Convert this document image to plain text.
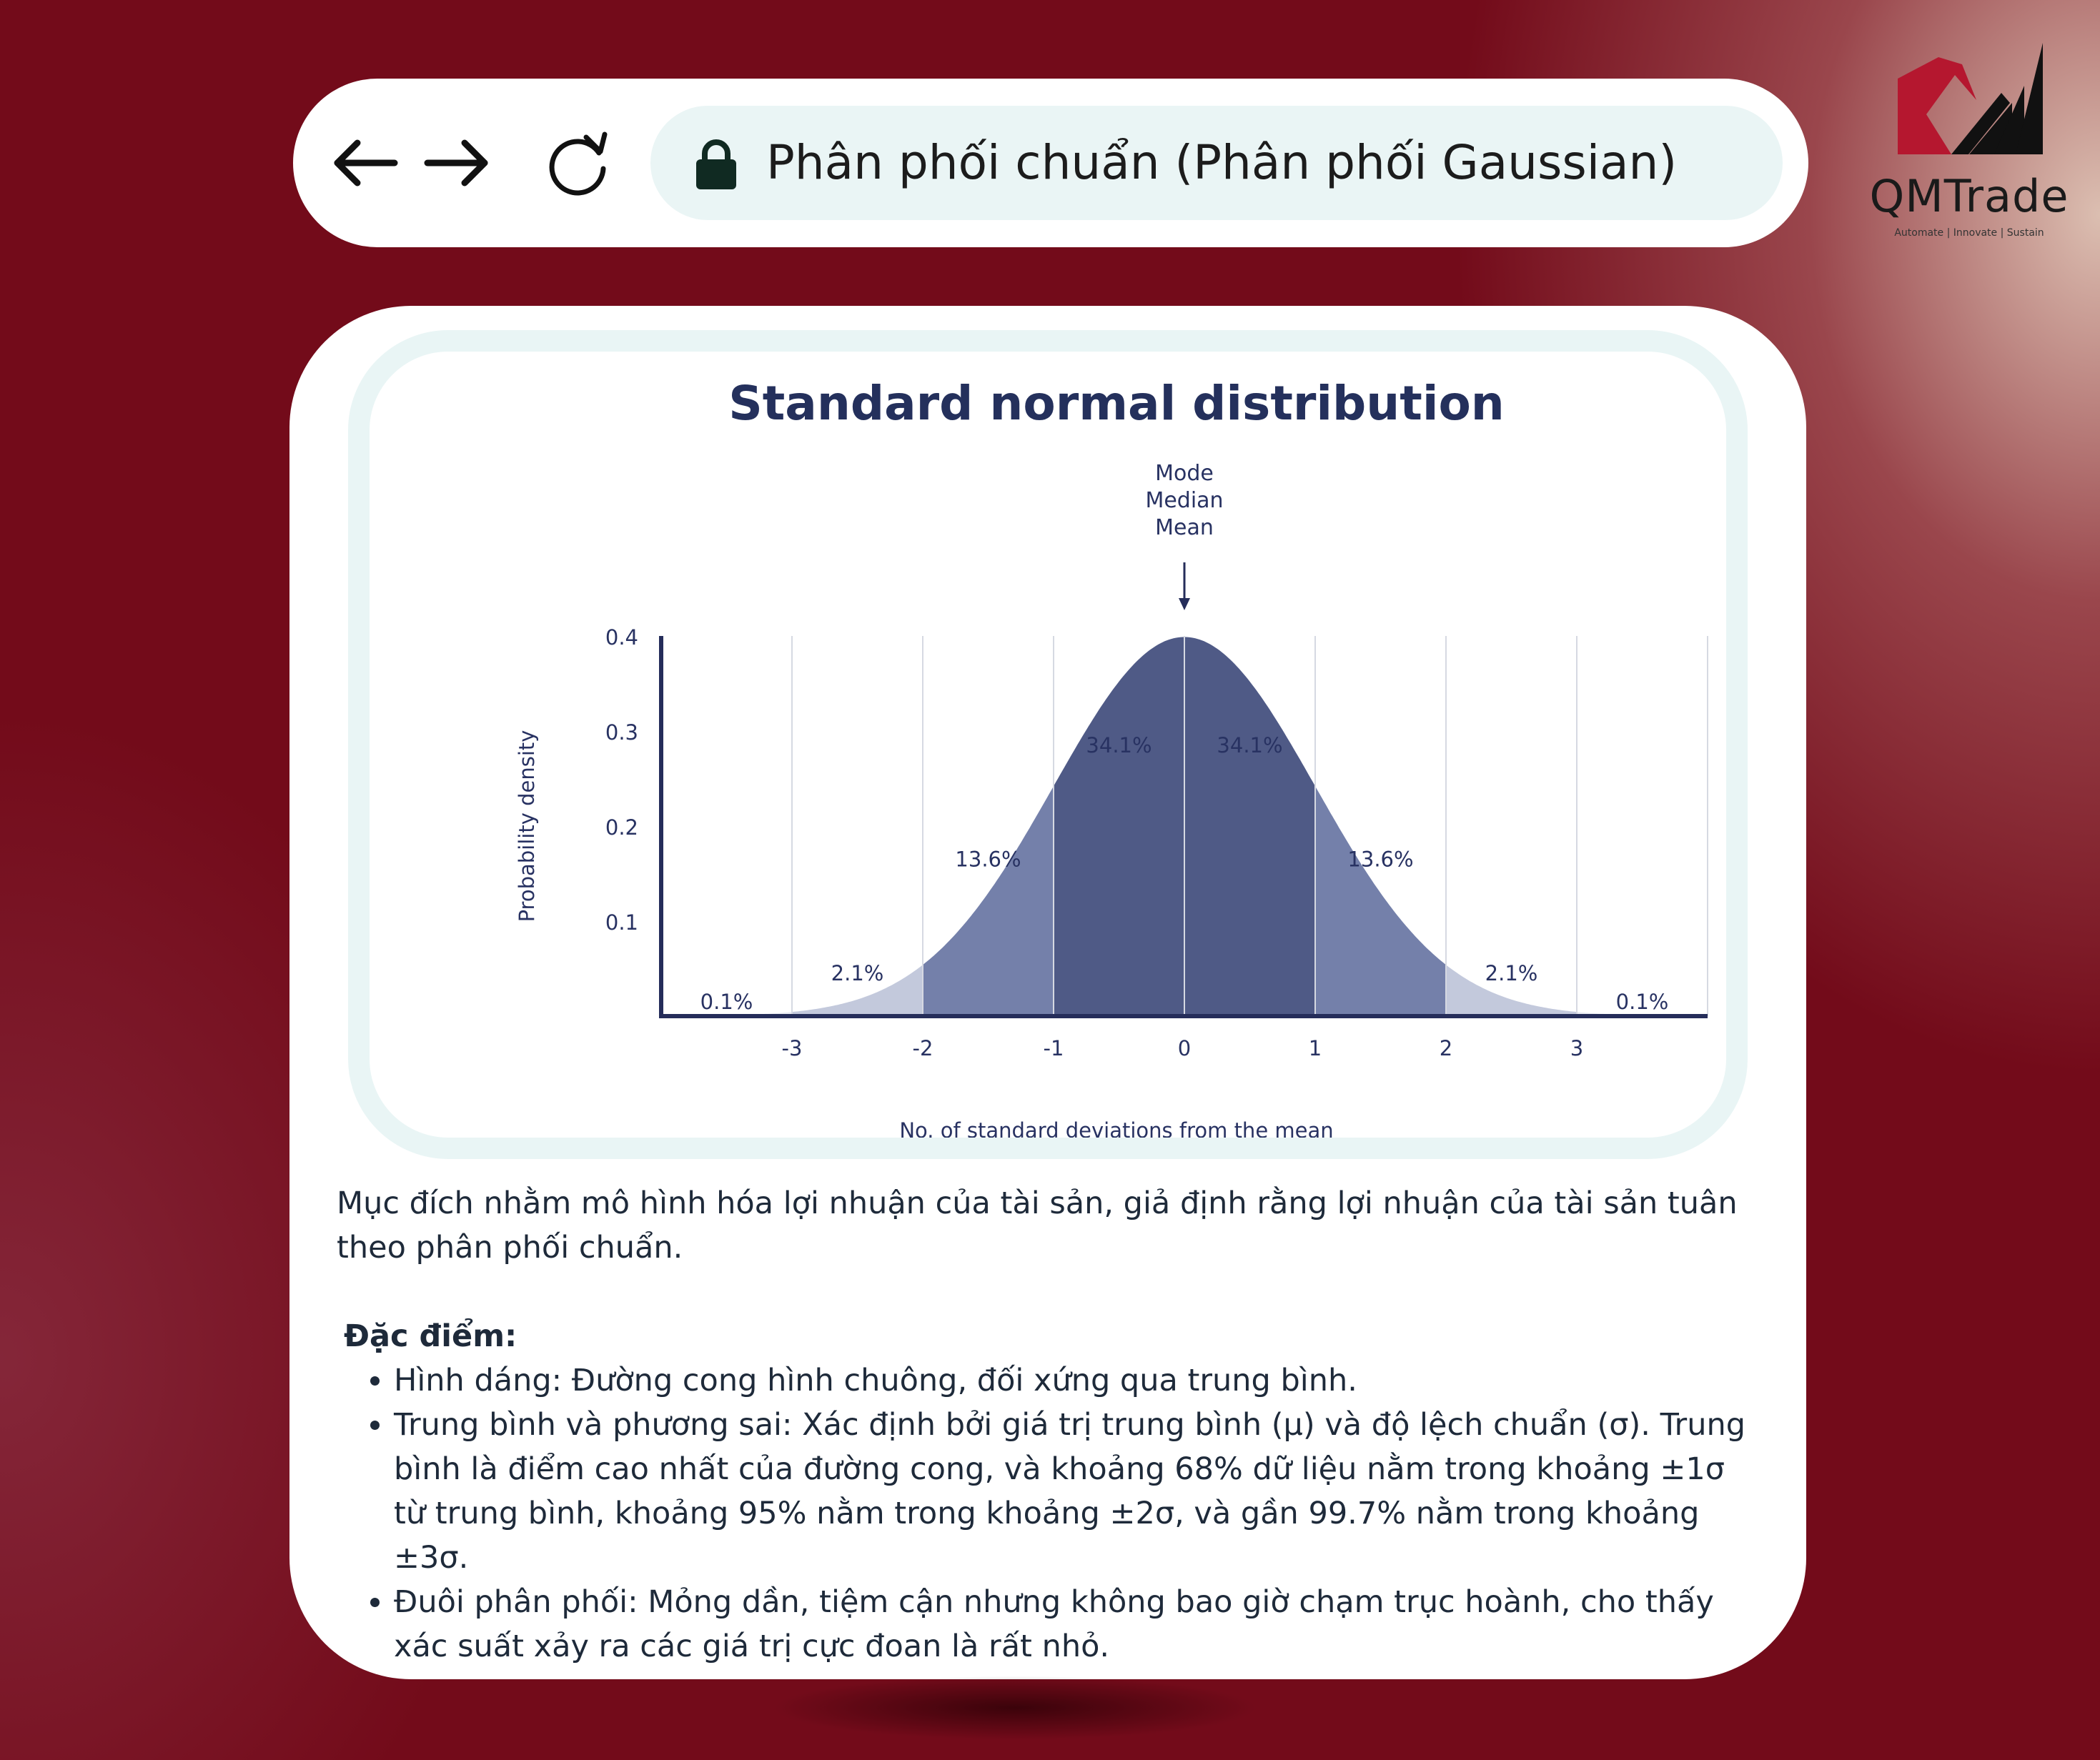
Phân phối chuẩn (Phân phối Gaussian)
QMTrade
Automate | Innovate | Sustain
0.1
0.2
0.3
0.4
-3	-2	-1	0	1	2	3
0.1%
2.1%
13.6%
34.1%	34.1%
13.6%
2.1%
0.1%
Standard normal distribution
No. of standard deviations from the mean
Probability density
Mode
Median
Mean

Mục đích nhằm mô hình hóa lợi nhuận của tài sản, giả định rằng lợi nhuận của tài sản tuân theo phân phối chuẩn.

Đặc điểm:

• Hình dáng: Đường cong hình chuông, đối xứng qua trung bình.
• Trung bình và phương sai: Xác định bởi giá trị trung bình (μ) và độ lệch chuẩn (σ). Trung bình là điểm cao nhất của đường cong, và khoảng 68% dữ liệu nằm trong khoảng ±1σ từ trung bình, khoảng 95% nằm trong khoảng ±2σ, và gần 99.7% nằm trong khoảng ±3σ.
• Đuôi phân phối: Mỏng dần, tiệm cận nhưng không bao giờ chạm trục hoành, cho thấy xác suất xảy ra các giá trị cực đoan là rất nhỏ.
